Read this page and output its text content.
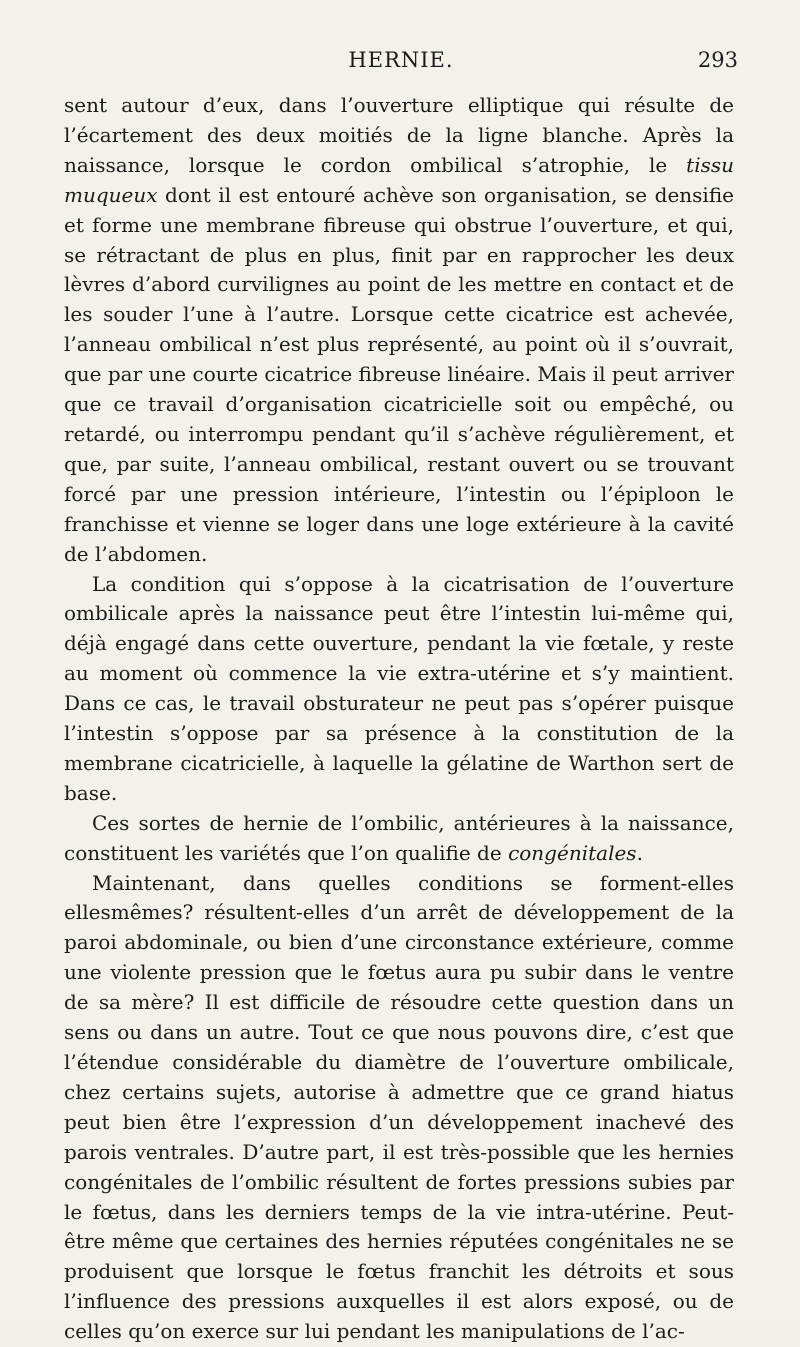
HERNIE.	293

sent autour d’eux, dans l’ouverture elliptique qui résulte de l’écartement des deux moitiés de la ligne blanche. Après la naissance, lorsque le cordon ombilical s’atrophie, le tissu muqueux dont il est entouré achève son organisation, se densifie et forme une membrane fibreuse qui obstrue l’ouverture, et qui, se rétractant de plus en plus, finit par en rapprocher les deux lèvres d’abord curvilignes au point de les mettre en contact et de les souder l’une à l’autre. Lorsque cette cicatrice est achevée, l’anneau ombilical n’est plus représenté, au point où il s’ouvrait, que par une courte cicatrice fibreuse linéaire. Mais il peut arriver que ce travail d’organisation cicatricielle soit ou empêché, ou retardé, ou interrompu pendant qu’il s’achève régulièrement, et que, par suite, l’anneau ombilical, restant ouvert ou se trouvant forcé par une pression intérieure, l’intestin ou l’épiploon le franchisse et vienne se loger dans une loge extérieure à la cavité de l’abdomen.

La condition qui s’oppose à la cicatrisation de l’ouverture ombilicale après la naissance peut être l’intestin lui-même qui, déjà engagé dans cette ouverture, pendant la vie fœtale, y reste au moment où commence la vie extra-utérine et s’y maintient. Dans ce cas, le travail obsturateur ne peut pas s’opérer puisque l’intestin s’oppose par sa présence à la constitution de la membrane cicatricielle, à laquelle la gélatine de Warthon sert de base.

Ces sortes de hernie de l’ombilic, antérieures à la naissance, constituent les variétés que l’on qualifie de congénitales.

Maintenant, dans quelles conditions se forment-elles ellesmêmes? résultent-elles d’un arrêt de développement de la paroi abdominale, ou bien d’une circonstance extérieure, comme une violente pression que le fœtus aura pu subir dans le ventre de sa mère? Il est difficile de résoudre cette question dans un sens ou dans un autre. Tout ce que nous pouvons dire, c’est que l’étendue considérable du diamètre de l’ouverture ombilicale, chez certains sujets, autorise à admettre que ce grand hiatus peut bien être l’expression d’un développement inachevé des parois ventrales. D’autre part, il est très-possible que les hernies congénitales de l’ombilic résultent de fortes pressions subies par le fœtus, dans les derniers temps de la vie intra-utérine. Peut-être même que certaines des hernies réputées congénitales ne se produisent que lorsque le fœtus franchit les détroits et sous l’influence des pressions auxquelles il est alors exposé, ou de celles qu’on exerce sur lui pendant les manipulations de l’ac-
